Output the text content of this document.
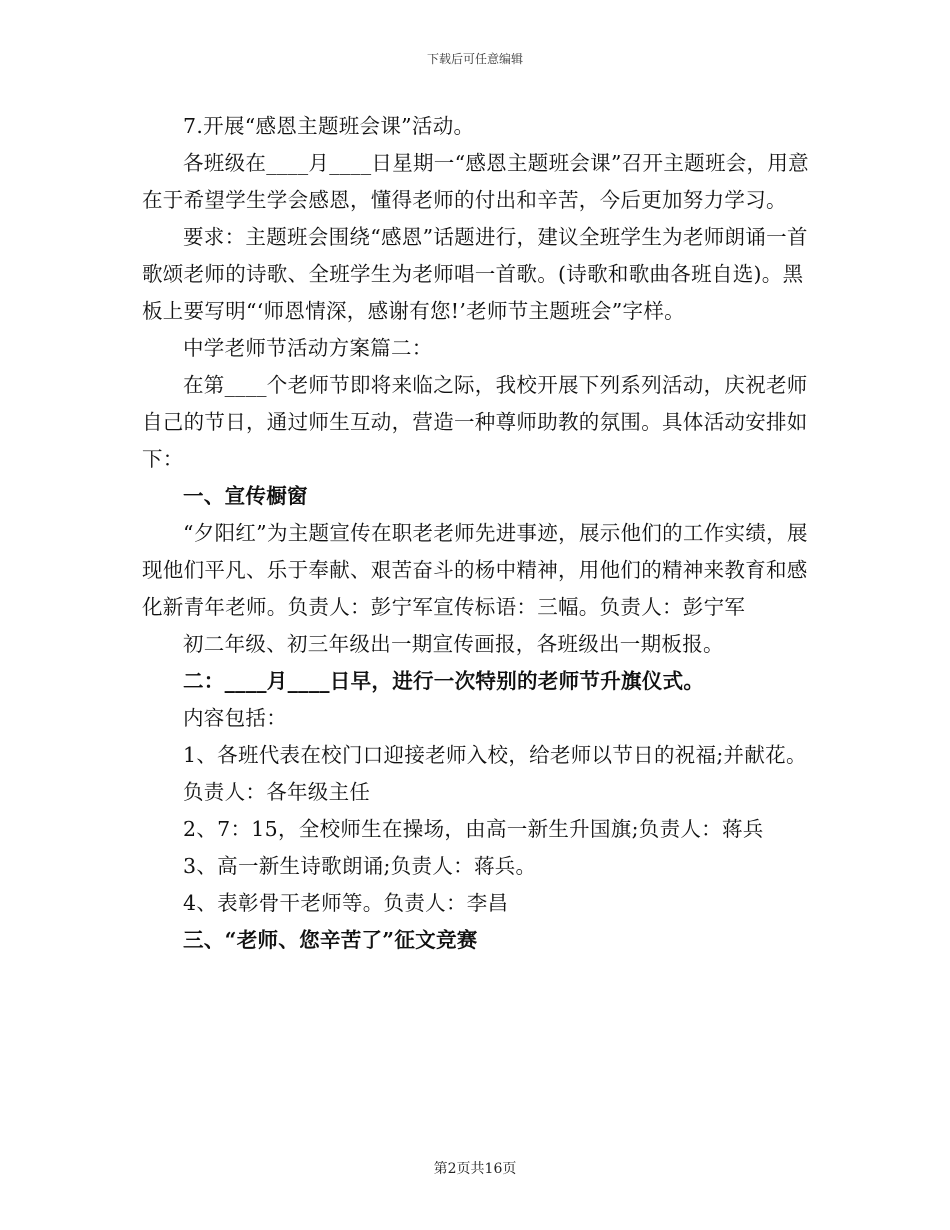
下载后可任意编辑

7.开展“感恩主题班会课”活动。

各班级在____月____日星期一“感恩主题班会课”召开主题班会，用意在于希望学生学会感恩，懂得老师的付出和辛苦，今后更加努力学习。

要求：主题班会围绕“感恩”话题进行，建议全班学生为老师朗诵一首歌颂老师的诗歌、全班学生为老师唱一首歌。(诗歌和歌曲各班自选)。黑板上要写明“‘师恩情深，感谢有您!’老师节主题班会”字样。

中学老师节活动方案篇二：

在第____个老师节即将来临之际，我校开展下列系列活动，庆祝老师自己的节日，通过师生互动，营造一种尊师助教的氛围。具体活动安排如下：

一、宣传橱窗

“夕阳红”为主题宣传在职老老师先进事迹，展示他们的工作实绩，展现他们平凡、乐于奉献、艰苦奋斗的杨中精神，用他们的精神来教育和感化新青年老师。负责人：彭宁军宣传标语：三幅。负责人：彭宁军

初二年级、初三年级出一期宣传画报，各班级出一期板报。

二：____月____日早，进行一次特别的老师节升旗仪式。

内容包括：

1、各班代表在校门口迎接老师入校，给老师以节日的祝福;并献花。

负责人：各年级主任

2、7：15，全校师生在操场，由高一新生升国旗;负责人：蒋兵

3、高一新生诗歌朗诵;负责人：蒋兵。

4、表彰骨干老师等。负责人：李昌

三、“老师、您辛苦了”征文竞赛

第2页共16页
